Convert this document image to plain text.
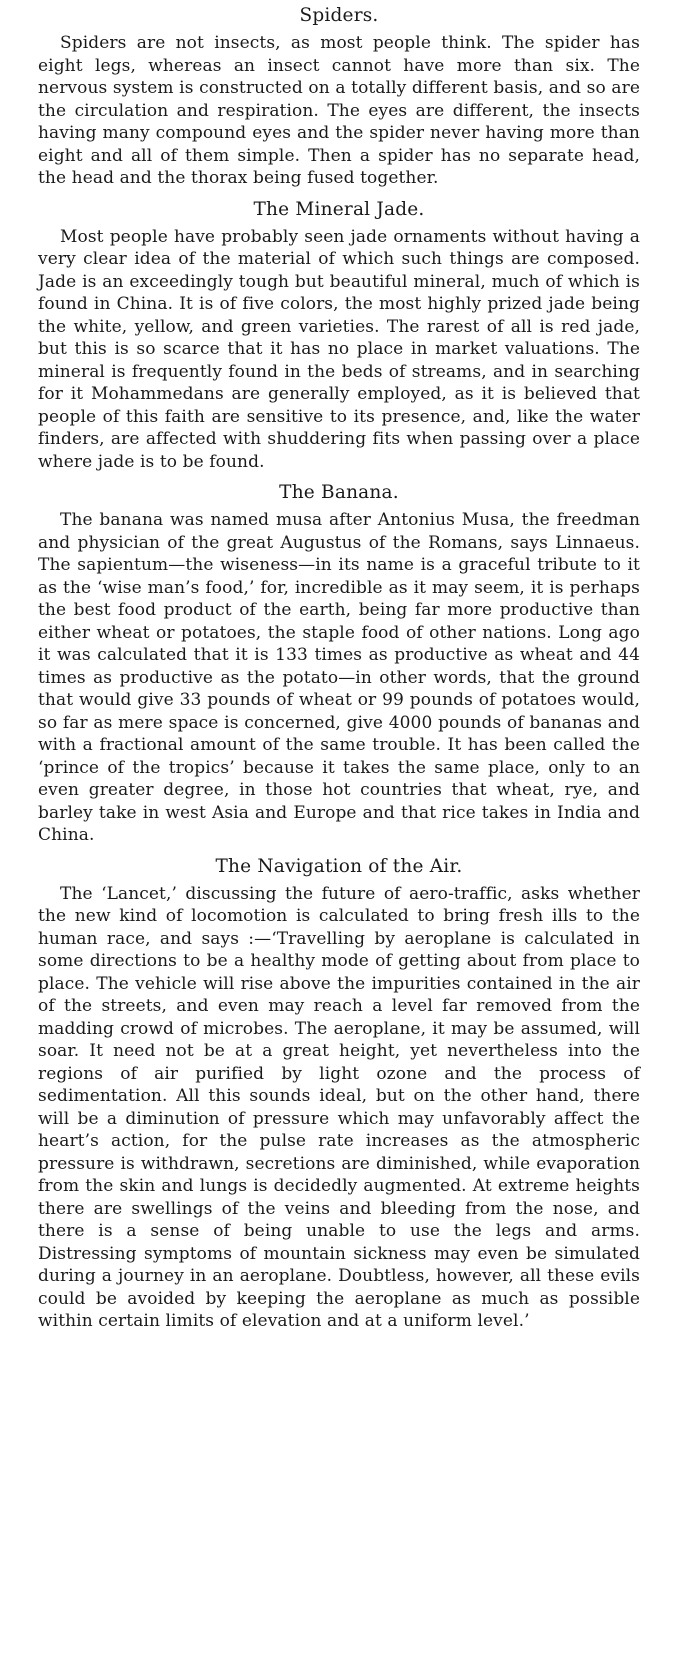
Spiders.

Spiders are not insects, as most people think. The spider has eight legs, whereas an insect cannot have more than six. The nervous system is constructed on a totally different basis, and so are the circulation and respiration. The eyes are different, the insects having many compound eyes and the spider never having more than eight and all of them simple. Then a spider has no separate head, the head and the thorax being fused together.

The Mineral Jade.

Most people have probably seen jade ornaments without having a very clear idea of the material of which such things are composed. Jade is an exceedingly tough but beautiful mineral, much of which is found in China. It is of five colors, the most highly prized jade being the white, yellow, and green varieties. The rarest of all is red jade, but this is so scarce that it has no place in market valuations. The mineral is frequently found in the beds of streams, and in searching for it Mohammedans are generally employed, as it is believed that people of this faith are sensitive to its presence, and, like the water finders, are affected with shuddering fits when passing over a place where jade is to be found.

The Banana.

The banana was named musa after Antonius Musa, the freedman and physician of the great Augustus of the Romans, says Linnaeus. The sapientum—the wiseness—in its name is a graceful tribute to it as the ‘wise man’s food,’ for, incredible as it may seem, it is perhaps the best food product of the earth, being far more productive than either wheat or potatoes, the staple food of other nations. Long ago it was calculated that it is 133 times as productive as wheat and 44 times as productive as the potato—in other words, that the ground that would give 33 pounds of wheat or 99 pounds of potatoes would, so far as mere space is concerned, give 4000 pounds of bananas and with a fractional amount of the same trouble. It has been called the ‘prince of the tropics’ because it takes the same place, only to an even greater degree, in those hot countries that wheat, rye, and barley take in west Asia and Europe and that rice takes in India and China.

The Navigation of the Air.

The ‘Lancet,’ discussing the future of aero-traffic, asks whether the new kind of locomotion is calculated to bring fresh ills to the human race, and says :—‘Travelling by aeroplane is calculated in some directions to be a healthy mode of getting about from place to place. The vehicle will rise above the impurities contained in the air of the streets, and even may reach a level far removed from the madding crowd of microbes. The aeroplane, it may be assumed, will soar. It need not be at a great height, yet nevertheless into the regions of air purified by light ozone and the process of sedimentation. All this sounds ideal, but on the other hand, there will be a diminution of pressure which may unfavorably affect the heart’s action, for the pulse rate increases as the atmospheric pressure is withdrawn, secretions are diminished, while evaporation from the skin and lungs is decidedly augmented. At extreme heights there are swellings of the veins and bleeding from the nose, and there is a sense of being unable to use the legs and arms. Distressing symptoms of mountain sickness may even be simulated during a journey in an aeroplane. Doubtless, however, all these evils could be avoided by keeping the aeroplane as much as possible within certain limits of elevation and at a uniform level.’
